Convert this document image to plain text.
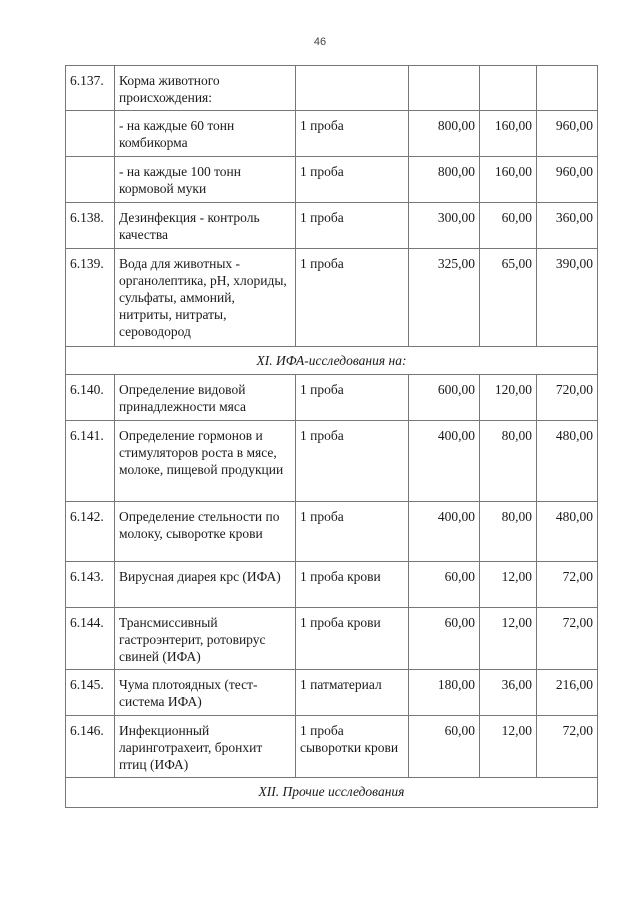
46
6.137.	Корма животного происхождения:				
	- на каждые 60 тонн комбикорма	1 проба	800,00	160,00	960,00
	- на каждые 100 тонн кормовой муки	1 проба	800,00	160,00	960,00
6.138.	Дезинфекция - контроль качества	1 проба	300,00	60,00	360,00
6.139.	Вода для животных - органолептика, pH, хлориды, сульфаты, аммоний, нитриты, нитраты, сероводород	1 проба	325,00	65,00	390,00
XI. ИФА-исследования на:					
6.140.	Определение видовой принадлежности мяса	1 проба	600,00	120,00	720,00
6.141.	Определение гормонов и стимуляторов роста в мясе, молоке, пищевой продукции	1 проба	400,00	80,00	480,00
6.142.	Определение стельности по молоку, сыворотке крови	1 проба	400,00	80,00	480,00
6.143.	Вирусная диарея крс (ИФА)	1 проба крови	60,00	12,00	72,00
6.144.	Трансмиссивный гастроэнтерит, ротовирус свиней (ИФА)	1 проба крови	60,00	12,00	72,00
6.145.	Чума плотоядных (тест-система ИФА)	1 патматериал	180,00	36,00	216,00
6.146.	Инфекционный ларинготрахеит, бронхит птиц (ИФА)	1 проба сыворотки крови	60,00	12,00	72,00
XII. Прочие исследования					
